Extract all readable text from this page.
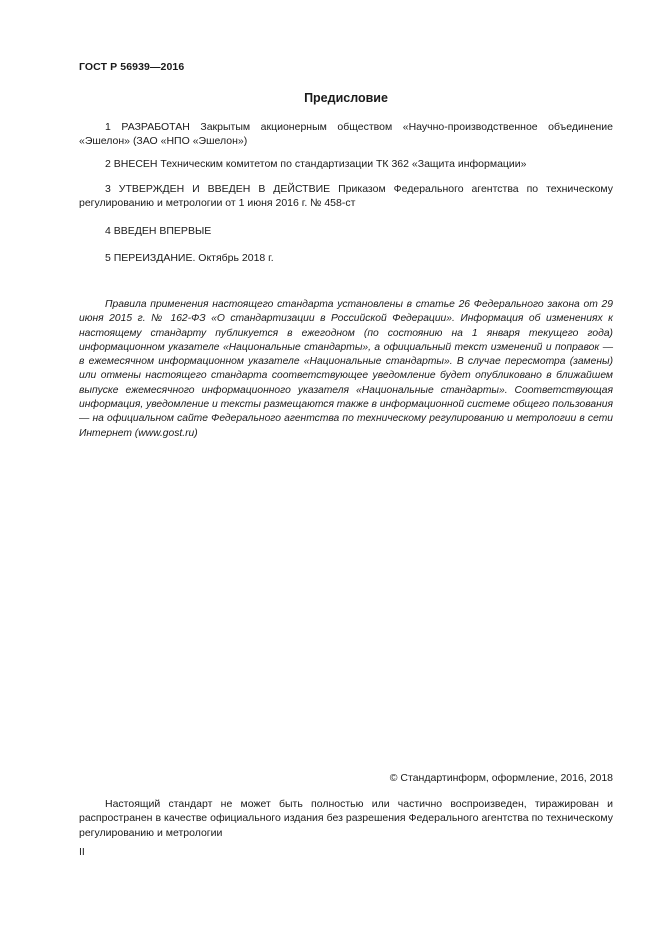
ГОСТ Р 56939—2016
Предисловие
1 РАЗРАБОТАН Закрытым акционерным обществом «Научно-производственное объединение «Эшелон» (ЗАО «НПО «Эшелон»)
2 ВНЕСЕН Техническим комитетом по стандартизации ТК 362 «Защита информации»
3 УТВЕРЖДЕН И ВВЕДЕН В ДЕЙСТВИЕ Приказом Федерального агентства по техническому регулированию и метрологии от 1 июня 2016 г. № 458-ст
4 ВВЕДЕН ВПЕРВЫЕ
5 ПЕРЕИЗДАНИЕ. Октябрь 2018 г.
Правила применения настоящего стандарта установлены в статье 26 Федерального закона от 29 июня 2015 г. № 162-ФЗ «О стандартизации в Российской Федерации». Информация об изменениях к настоящему стандарту публикуется в ежегодном (по состоянию на 1 января текущего года) информационном указателе «Национальные стандарты», а официальный текст изменений и поправок — в ежемесячном информационном указателе «Национальные стандарты». В случае пересмотра (замены) или отмены настоящего стандарта соответствующее уведомление будет опубликовано в ближайшем выпуске ежемесячного информационного указателя «Национальные стандарты». Соответствующая информация, уведомление и тексты размещаются также в информационной системе общего пользования — на официальном сайте Федерального агентства по техническому регулированию и метрологии в сети Интернет (www.gost.ru)
© Стандартинформ, оформление, 2016, 2018
Настоящий стандарт не может быть полностью или частично воспроизведен, тиражирован и распространен в качестве официального издания без разрешения Федерального агентства по техническому регулированию и метрологии
II
